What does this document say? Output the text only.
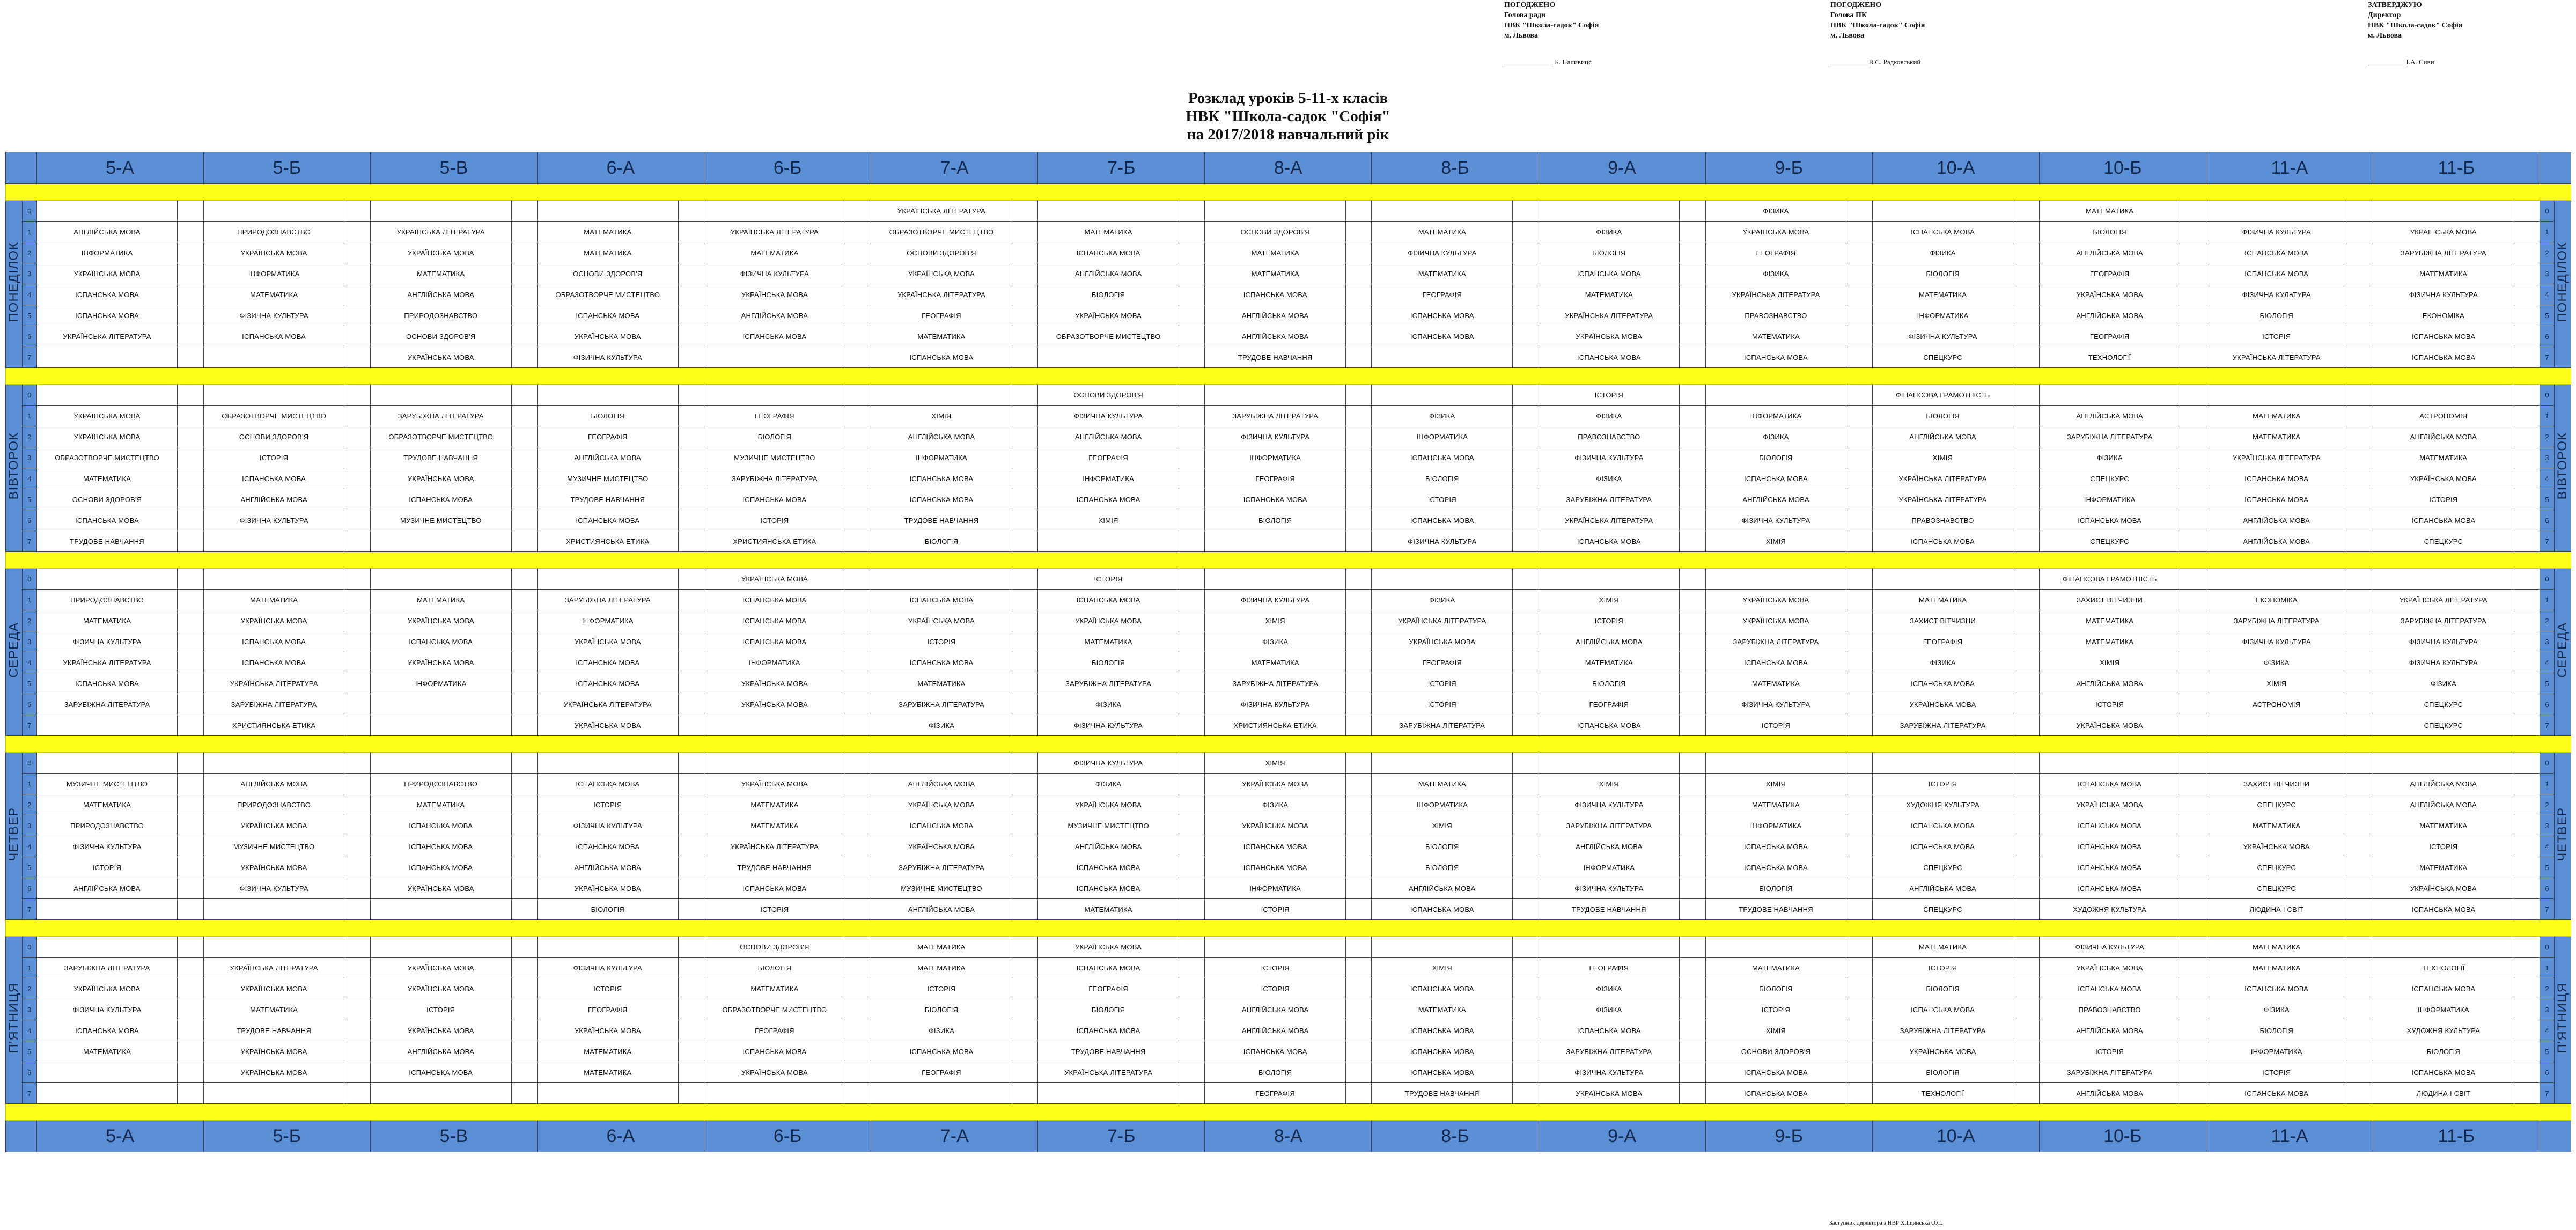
ПОГОДЖЕНО
Голова ради
НВК "Школа-садок" Софія
м. Львова
______________ Б. Паливиця
ПОГОДЖЕНО
Голова ПК
НВК "Школа-садок" Софія
м. Львова
___________В.С. Радковський
ЗАТВЕРДЖУЮ
Директор
НВК "Школа-садок" Софія
м. Львова
___________І.А. Сиви
Розклад уроків 5-11-х класів
НВК "Школа-садок "Софія"
на 2017/2018 навчальний рік
		5-А		5-Б		5-В		6-А		6-Б		7-А		7-Б		8-А		8-Б		9-А		9-Б		10-А		10-Б		11-А		11-Б			

ПОНЕДІЛОК	0											УКРАЇНСЬКА ЛІТЕРАТУРА										ФІЗИКА				МАТЕМАТИКА						0	ПОНЕДІЛОК
	1	АНГЛІЙСЬКА МОВА		ПРИРОДОЗНАВСТВО		УКРАЇНСЬКА ЛІТЕРАТУРА		МАТЕМАТИКА		УКРАЇНСЬКА ЛІТЕРАТУРА		ОБРАЗОТВОРЧЕ МИСТЕЦТВО		МАТЕМАТИКА		ОСНОВИ ЗДОРОВ'Я		МАТЕМАТИКА		ФІЗИКА		УКРАЇНСЬКА МОВА		ІСПАНСЬКА МОВА		БІОЛОГІЯ		ФІЗИЧНА КУЛЬТУРА		УКРАЇНСЬКА МОВА		1	
	2	ІНФОРМАТИКА		УКРАЇНСЬКА МОВА		УКРАЇНСЬКА МОВА		МАТЕМАТИКА		МАТЕМАТИКА		ОСНОВИ ЗДОРОВ'Я		ІСПАНСЬКА МОВА		МАТЕМАТИКА		ФІЗИЧНА КУЛЬТУРА		БІОЛОГІЯ		ГЕОГРАФІЯ		ФІЗИКА		АНГЛІЙСЬКА МОВА		ІСПАНСЬКА МОВА		ЗАРУБІЖНА ЛІТЕРАТУРА		2	
	3	УКРАЇНСЬКА МОВА		ІНФОРМАТИКА		МАТЕМАТИКА		ОСНОВИ ЗДОРОВ'Я		ФІЗИЧНА КУЛЬТУРА		УКРАЇНСЬКА МОВА		АНГЛІЙСЬКА МОВА		МАТЕМАТИКА		МАТЕМАТИКА		ІСПАНСЬКА МОВА		ФІЗИКА		БІОЛОГІЯ		ГЕОГРАФІЯ		ІСПАНСЬКА МОВА		МАТЕМАТИКА		3	
	4	ІСПАНСЬКА МОВА		МАТЕМАТИКА		АНГЛІЙСЬКА МОВА		ОБРАЗОТВОРЧЕ МИСТЕЦТВО		УКРАЇНСЬКА МОВА		УКРАЇНСЬКА ЛІТЕРАТУРА		БІОЛОГІЯ		ІСПАНСЬКА МОВА		ГЕОГРАФІЯ		МАТЕМАТИКА		УКРАЇНСЬКА ЛІТЕРАТУРА		МАТЕМАТИКА		УКРАЇНСЬКА МОВА		ФІЗИЧНА КУЛЬТУРА		ФІЗИЧНА КУЛЬТУРА		4	
	5	ІСПАНСЬКА МОВА		ФІЗИЧНА КУЛЬТУРА		ПРИРОДОЗНАВСТВО		ІСПАНСЬКА МОВА		АНГЛІЙСЬКА МОВА		ГЕОГРАФІЯ		УКРАЇНСЬКА МОВА		АНГЛІЙСЬКА МОВА		ІСПАНСЬКА МОВА		УКРАЇНСЬКА ЛІТЕРАТУРА		ПРАВОЗНАВСТВО		ІНФОРМАТИКА		АНГЛІЙСЬКА МОВА		БІОЛОГІЯ		ЕКОНОМІКА		5	
	6	УКРАЇНСЬКА ЛІТЕРАТУРА		ІСПАНСЬКА МОВА		ОСНОВИ ЗДОРОВ'Я		УКРАЇНСЬКА МОВА		ІСПАНСЬКА МОВА		МАТЕМАТИКА		ОБРАЗОТВОРЧЕ МИСТЕЦТВО		АНГЛІЙСЬКА МОВА		ІСПАНСЬКА МОВА		УКРАЇНСЬКА МОВА		МАТЕМАТИКА		ФІЗИЧНА КУЛЬТУРА		ГЕОГРАФІЯ		ІСТОРІЯ		ІСПАНСЬКА МОВА		6	
	7					УКРАЇНСЬКА МОВА		ФІЗИЧНА КУЛЬТУРА				ІСПАНСЬКА МОВА				ТРУДОВЕ НАВЧАННЯ				ІСПАНСЬКА МОВА		ІСПАНСЬКА МОВА		СПЕЦКУРС		ТЕХНОЛОГІЇ		УКРАЇНСЬКА ЛІТЕРАТУРА		ІСПАНСЬКА МОВА		7	

ВІВТОРОК	0													ОСНОВИ ЗДОРОВ'Я						ІСТОРІЯ				ФІНАНСОВА ГРАМОТНІСТЬ								0	ВІВТОРОК
	1	УКРАЇНСЬКА МОВА		ОБРАЗОТВОРЧЕ МИСТЕЦТВО		ЗАРУБІЖНА ЛІТЕРАТУРА		БІОЛОГІЯ		ГЕОГРАФІЯ		ХІМІЯ		ФІЗИЧНА КУЛЬТУРА		ЗАРУБІЖНА ЛІТЕРАТУРА		ФІЗИКА		ФІЗИКА		ІНФОРМАТИКА		БІОЛОГІЯ		АНГЛІЙСЬКА МОВА		МАТЕМАТИКА		АСТРОНОМІЯ		1	
	2	УКРАЇНСЬКА МОВА		ОСНОВИ ЗДОРОВ'Я		ОБРАЗОТВОРЧЕ МИСТЕЦТВО		ГЕОГРАФІЯ		БІОЛОГІЯ		АНГЛІЙСЬКА МОВА		АНГЛІЙСЬКА МОВА		ФІЗИЧНА КУЛЬТУРА		ІНФОРМАТИКА		ПРАВОЗНАВСТВО		ФІЗИКА		АНГЛІЙСЬКА МОВА		ЗАРУБІЖНА ЛІТЕРАТУРА		МАТЕМАТИКА		АНГЛІЙСЬКА МОВА		2	
	3	ОБРАЗОТВОРЧЕ МИСТЕЦТВО		ІСТОРІЯ		ТРУДОВЕ НАВЧАННЯ		АНГЛІЙСЬКА МОВА		МУЗИЧНЕ МИСТЕЦТВО		ІНФОРМАТИКА		ГЕОГРАФІЯ		ІНФОРМАТИКА		ІСПАНСЬКА МОВА		ФІЗИЧНА КУЛЬТУРА		БІОЛОГІЯ		ХІМІЯ		ФІЗИКА		УКРАЇНСЬКА ЛІТЕРАТУРА		МАТЕМАТИКА		3	
	4	МАТЕМАТИКА		ІСПАНСЬКА МОВА		УКРАЇНСЬКА МОВА		МУЗИЧНЕ МИСТЕЦТВО		ЗАРУБІЖНА ЛІТЕРАТУРА		ІСПАНСЬКА МОВА		ІНФОРМАТИКА		ГЕОГРАФІЯ		БІОЛОГІЯ		ФІЗИКА		ІСПАНСЬКА МОВА		УКРАЇНСЬКА ЛІТЕРАТУРА		СПЕЦКУРС		ІСПАНСЬКА МОВА		УКРАЇНСЬКА МОВА		4	
	5	ОСНОВИ ЗДОРОВ'Я		АНГЛІЙСЬКА МОВА		ІСПАНСЬКА МОВА		ТРУДОВЕ НАВЧАННЯ		ІСПАНСЬКА МОВА		ІСПАНСЬКА МОВА		ІСПАНСЬКА МОВА		ІСПАНСЬКА МОВА		ІСТОРІЯ		ЗАРУБІЖНА ЛІТЕРАТУРА		АНГЛІЙСЬКА МОВА		УКРАЇНСЬКА ЛІТЕРАТУРА		ІНФОРМАТИКА		ІСПАНСЬКА МОВА		ІСТОРІЯ		5	
	6	ІСПАНСЬКА МОВА		ФІЗИЧНА КУЛЬТУРА		МУЗИЧНЕ МИСТЕЦТВО		ІСПАНСЬКА МОВА		ІСТОРІЯ		ТРУДОВЕ НАВЧАННЯ		ХІМІЯ		БІОЛОГІЯ		ІСПАНСЬКА МОВА		УКРАЇНСЬКА ЛІТЕРАТУРА		ФІЗИЧНА КУЛЬТУРА		ПРАВОЗНАВСТВО		ІСПАНСЬКА МОВА		АНГЛІЙСЬКА МОВА		ІСПАНСЬКА МОВА		6	
	7	ТРУДОВЕ НАВЧАННЯ						ХРИСТИЯНСЬКА ЕТИКА		ХРИСТИЯНСЬКА ЕТИКА		БІОЛОГІЯ						ФІЗИЧНА КУЛЬТУРА		ІСПАНСЬКА МОВА		ХІМІЯ		ІСПАНСЬКА МОВА		СПЕЦКУРС		АНГЛІЙСЬКА МОВА		СПЕЦКУРС		7	

СЕРЕДА	0									УКРАЇНСЬКА МОВА				ІСТОРІЯ												ФІНАНСОВА ГРАМОТНІСТЬ						0	СЕРЕДА
	1	ПРИРОДОЗНАВСТВО		МАТЕМАТИКА		МАТЕМАТИКА		ЗАРУБІЖНА ЛІТЕРАТУРА		ІСПАНСЬКА МОВА		ІСПАНСЬКА МОВА		ІСПАНСЬКА МОВА		ФІЗИЧНА КУЛЬТУРА		ФІЗИКА		ХІМІЯ		УКРАЇНСЬКА МОВА		МАТЕМАТИКА		ЗАХИСТ ВІТЧИЗНИ		ЕКОНОМІКА		УКРАЇНСЬКА ЛІТЕРАТУРА		1	
	2	МАТЕМАТИКА		УКРАЇНСЬКА МОВА		УКРАЇНСЬКА МОВА		ІНФОРМАТИКА		ІСПАНСЬКА МОВА		УКРАЇНСЬКА МОВА		УКРАЇНСЬКА МОВА		ХІМІЯ		УКРАЇНСЬКА ЛІТЕРАТУРА		ІСТОРІЯ		УКРАЇНСЬКА МОВА		ЗАХИСТ ВІТЧИЗНИ		МАТЕМАТИКА		ЗАРУБІЖНА ЛІТЕРАТУРА		ЗАРУБІЖНА ЛІТЕРАТУРА		2	
	3	ФІЗИЧНА КУЛЬТУРА		ІСПАНСЬКА МОВА		ІСПАНСЬКА МОВА		УКРАЇНСЬКА МОВА		ІСПАНСЬКА МОВА		ІСТОРІЯ		МАТЕМАТИКА		ФІЗИКА		УКРАЇНСЬКА МОВА		АНГЛІЙСЬКА МОВА		ЗАРУБІЖНА ЛІТЕРАТУРА		ГЕОГРАФІЯ		МАТЕМАТИКА		ФІЗИЧНА КУЛЬТУРА		ФІЗИЧНА КУЛЬТУРА		3	
	4	УКРАЇНСЬКА ЛІТЕРАТУРА		ІСПАНСЬКА МОВА		УКРАЇНСЬКА МОВА		ІСПАНСЬКА МОВА		ІНФОРМАТИКА		ІСПАНСЬКА МОВА		БІОЛОГІЯ		МАТЕМАТИКА		ГЕОГРАФІЯ		МАТЕМАТИКА		ІСПАНСЬКА МОВА		ФІЗИКА		ХІМІЯ		ФІЗИКА		ФІЗИЧНА КУЛЬТУРА		4	
	5	ІСПАНСЬКА МОВА		УКРАЇНСЬКА ЛІТЕРАТУРА		ІНФОРМАТИКА		ІСПАНСЬКА МОВА		УКРАЇНСЬКА МОВА		МАТЕМАТИКА		ЗАРУБІЖНА ЛІТЕРАТУРА		ЗАРУБІЖНА ЛІТЕРАТУРА		ІСТОРІЯ		БІОЛОГІЯ		МАТЕМАТИКА		ІСПАНСЬКА МОВА		АНГЛІЙСЬКА МОВА		ХІМІЯ		ФІЗИКА		5	
	6	ЗАРУБІЖНА ЛІТЕРАТУРА		ЗАРУБІЖНА ЛІТЕРАТУРА				УКРАЇНСЬКА ЛІТЕРАТУРА		УКРАЇНСЬКА МОВА		ЗАРУБІЖНА ЛІТЕРАТУРА		ФІЗИКА		ФІЗИЧНА КУЛЬТУРА		ІСТОРІЯ		ГЕОГРАФІЯ		ФІЗИЧНА КУЛЬТУРА		УКРАЇНСЬКА МОВА		ІСТОРІЯ		АСТРОНОМІЯ		СПЕЦКУРС		6	
	7			ХРИСТИЯНСЬКА ЕТИКА				УКРАЇНСЬКА МОВА				ФІЗИКА		ФІЗИЧНА КУЛЬТУРА		ХРИСТИЯНСЬКА ЕТИКА		ЗАРУБІЖНА ЛІТЕРАТУРА		ІСПАНСЬКА МОВА		ІСТОРІЯ		ЗАРУБІЖНА ЛІТЕРАТУРА		УКРАЇНСЬКА МОВА				СПЕЦКУРС		7	

ЧЕТВЕР	0													ФІЗИЧНА КУЛЬТУРА		ХІМІЯ																0	ЧЕТВЕР
	1	МУЗИЧНЕ МИСТЕЦТВО		АНГЛІЙСЬКА МОВА		ПРИРОДОЗНАВСТВО		ІСПАНСЬКА МОВА		УКРАЇНСЬКА МОВА		АНГЛІЙСЬКА МОВА		ФІЗИКА		УКРАЇНСЬКА МОВА		МАТЕМАТИКА		ХІМІЯ		ХІМІЯ		ІСТОРІЯ		ІСПАНСЬКА МОВА		ЗАХИСТ ВІТЧИЗНИ		АНГЛІЙСЬКА МОВА		1	
	2	МАТЕМАТИКА		ПРИРОДОЗНАВСТВО		МАТЕМАТИКА		ІСТОРІЯ		МАТЕМАТИКА		УКРАЇНСЬКА МОВА		УКРАЇНСЬКА МОВА		ФІЗИКА		ІНФОРМАТИКА		ФІЗИЧНА КУЛЬТУРА		МАТЕМАТИКА		ХУДОЖНЯ КУЛЬТУРА		УКРАЇНСЬКА МОВА		СПЕЦКУРС		АНГЛІЙСЬКА МОВА		2	
	3	ПРИРОДОЗНАВСТВО		УКРАЇНСЬКА МОВА		ІСПАНСЬКА МОВА		ФІЗИЧНА КУЛЬТУРА		МАТЕМАТИКА		ІСПАНСЬКА МОВА		МУЗИЧНЕ МИСТЕЦТВО		УКРАЇНСЬКА МОВА		ХІМІЯ		ЗАРУБІЖНА ЛІТЕРАТУРА		ІНФОРМАТИКА		ІСПАНСЬКА МОВА		ІСПАНСЬКА МОВА		МАТЕМАТИКА		МАТЕМАТИКА		3	
	4	ФІЗИЧНА КУЛЬТУРА		МУЗИЧНЕ МИСТЕЦТВО		ІСПАНСЬКА МОВА		ІСПАНСЬКА МОВА		УКРАЇНСЬКА ЛІТЕРАТУРА		УКРАЇНСЬКА МОВА		АНГЛІЙСЬКА МОВА		ІСПАНСЬКА МОВА		БІОЛОГІЯ		АНГЛІЙСЬКА МОВА		ІСПАНСЬКА МОВА		ІСПАНСЬКА МОВА		ІСПАНСЬКА МОВА		УКРАЇНСЬКА МОВА		ІСТОРІЯ		4	
	5	ІСТОРІЯ		УКРАЇНСЬКА МОВА		ІСПАНСЬКА МОВА		АНГЛІЙСЬКА МОВА		ТРУДОВЕ НАВЧАННЯ		ЗАРУБІЖНА ЛІТЕРАТУРА		ІСПАНСЬКА МОВА		ІСПАНСЬКА МОВА		БІОЛОГІЯ		ІНФОРМАТИКА		ІСПАНСЬКА МОВА		СПЕЦКУРС		ІСПАНСЬКА МОВА		СПЕЦКУРС		МАТЕМАТИКА		5	
	6	АНГЛІЙСЬКА МОВА		ФІЗИЧНА КУЛЬТУРА		УКРАЇНСЬКА МОВА		УКРАЇНСЬКА МОВА		ІСПАНСЬКА МОВА		МУЗИЧНЕ МИСТЕЦТВО		ІСПАНСЬКА МОВА		ІНФОРМАТИКА		АНГЛІЙСЬКА МОВА		ФІЗИЧНА КУЛЬТУРА		БІОЛОГІЯ		АНГЛІЙСЬКА МОВА		ІСПАНСЬКА МОВА		СПЕЦКУРС		УКРАЇНСЬКА МОВА		6	
	7							БІОЛОГІЯ		ІСТОРІЯ		АНГЛІЙСЬКА МОВА		МАТЕМАТИКА		ІСТОРІЯ		ІСПАНСЬКА МОВА		ТРУДОВЕ НАВЧАННЯ		ТРУДОВЕ НАВЧАННЯ		СПЕЦКУРС		ХУДОЖНЯ КУЛЬТУРА		ЛЮДИНА І СВІТ		ІСПАНСЬКА МОВА		7	

П'ЯТНИЦЯ	0									ОСНОВИ ЗДОРОВ'Я		МАТЕМАТИКА		УКРАЇНСЬКА МОВА										МАТЕМАТИКА		ФІЗИЧНА КУЛЬТУРА		МАТЕМАТИКА				0	П'ЯТНИЦЯ
	1	ЗАРУБІЖНА ЛІТЕРАТУРА		УКРАЇНСЬКА ЛІТЕРАТУРА		УКРАЇНСЬКА МОВА		ФІЗИЧНА КУЛЬТУРА		БІОЛОГІЯ		МАТЕМАТИКА		ІСПАНСЬКА МОВА		ІСТОРІЯ		ХІМІЯ		ГЕОГРАФІЯ		МАТЕМАТИКА		ІСТОРІЯ		УКРАЇНСЬКА МОВА		МАТЕМАТИКА		ТЕХНОЛОГІЇ		1	
	2	УКРАЇНСЬКА МОВА		УКРАЇНСЬКА МОВА		УКРАЇНСЬКА МОВА		ІСТОРІЯ		МАТЕМАТИКА		ІСТОРІЯ		ГЕОГРАФІЯ		ІСТОРІЯ		ІСПАНСЬКА МОВА		ФІЗИКА		БІОЛОГІЯ		БІОЛОГІЯ		ІСПАНСЬКА МОВА		ІСПАНСЬКА МОВА		ІСПАНСЬКА МОВА		2	
	3	ФІЗИЧНА КУЛЬТУРА		МАТЕМАТИКА		ІСТОРІЯ		ГЕОГРАФІЯ		ОБРАЗОТВОРЧЕ МИСТЕЦТВО		БІОЛОГІЯ		БІОЛОГІЯ		АНГЛІЙСЬКА МОВА		МАТЕМАТИКА		ФІЗИКА		ІСТОРІЯ		ІСПАНСЬКА МОВА		ПРАВОЗНАВСТВО		ФІЗИКА		ІНФОРМАТИКА		3	
	4	ІСПАНСЬКА МОВА		ТРУДОВЕ НАВЧАННЯ		УКРАЇНСЬКА МОВА		УКРАЇНСЬКА МОВА		ГЕОГРАФІЯ		ФІЗИКА		ІСПАНСЬКА МОВА		АНГЛІЙСЬКА МОВА		ІСПАНСЬКА МОВА		ІСПАНСЬКА МОВА		ХІМІЯ		ЗАРУБІЖНА ЛІТЕРАТУРА		АНГЛІЙСЬКА МОВА		БІОЛОГІЯ		ХУДОЖНЯ КУЛЬТУРА		4	
	5	МАТЕМАТИКА		УКРАЇНСЬКА МОВА		АНГЛІЙСЬКА МОВА		МАТЕМАТИКА		ІСПАНСЬКА МОВА		ІСПАНСЬКА МОВА		ТРУДОВЕ НАВЧАННЯ		ІСПАНСЬКА МОВА		ІСПАНСЬКА МОВА		ЗАРУБІЖНА ЛІТЕРАТУРА		ОСНОВИ ЗДОРОВ'Я		УКРАЇНСЬКА МОВА		ІСТОРІЯ		ІНФОРМАТИКА		БІОЛОГІЯ		5	
	6			УКРАЇНСЬКА МОВА		ІСПАНСЬКА МОВА		МАТЕМАТИКА		УКРАЇНСЬКА МОВА		ГЕОГРАФІЯ		УКРАЇНСЬКА ЛІТЕРАТУРА		БІОЛОГІЯ		ІСПАНСЬКА МОВА		ФІЗИЧНА КУЛЬТУРА		ІСПАНСЬКА МОВА		БІОЛОГІЯ		ЗАРУБІЖНА ЛІТЕРАТУРА		ІСТОРІЯ		ІСПАНСЬКА МОВА		6	
	7															ГЕОГРАФІЯ		ТРУДОВЕ НАВЧАННЯ		УКРАЇНСЬКА МОВА		ІСПАНСЬКА МОВА		ТЕХНОЛОГІЇ		АНГЛІЙСЬКА МОВА		ІСПАНСЬКА МОВА		ЛЮДИНА І СВІТ		7	

		5-А		5-Б		5-В		6-А		6-Б		7-А		7-Б		8-А		8-Б		9-А		9-Б		10-А		10-Б		11-А		11-Б			
Заступник директора з НВР Х.Іщинська О.С.
